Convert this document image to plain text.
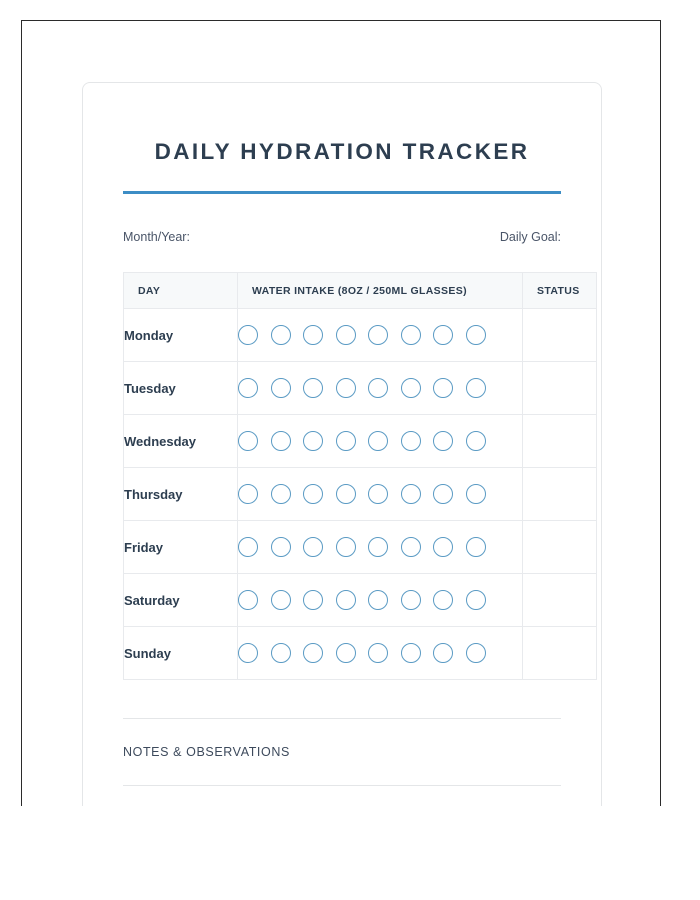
DAILY HYDRATION TRACKER
Month/Year:	Daily Goal:
DAY	WATER INTAKE (8OZ / 250ML GLASSES)	STATUS
Monday	

Tuesday	

Wednesday	

Thursday	

Friday	

Saturday	

Sunday	

NOTES & OBSERVATIONS
